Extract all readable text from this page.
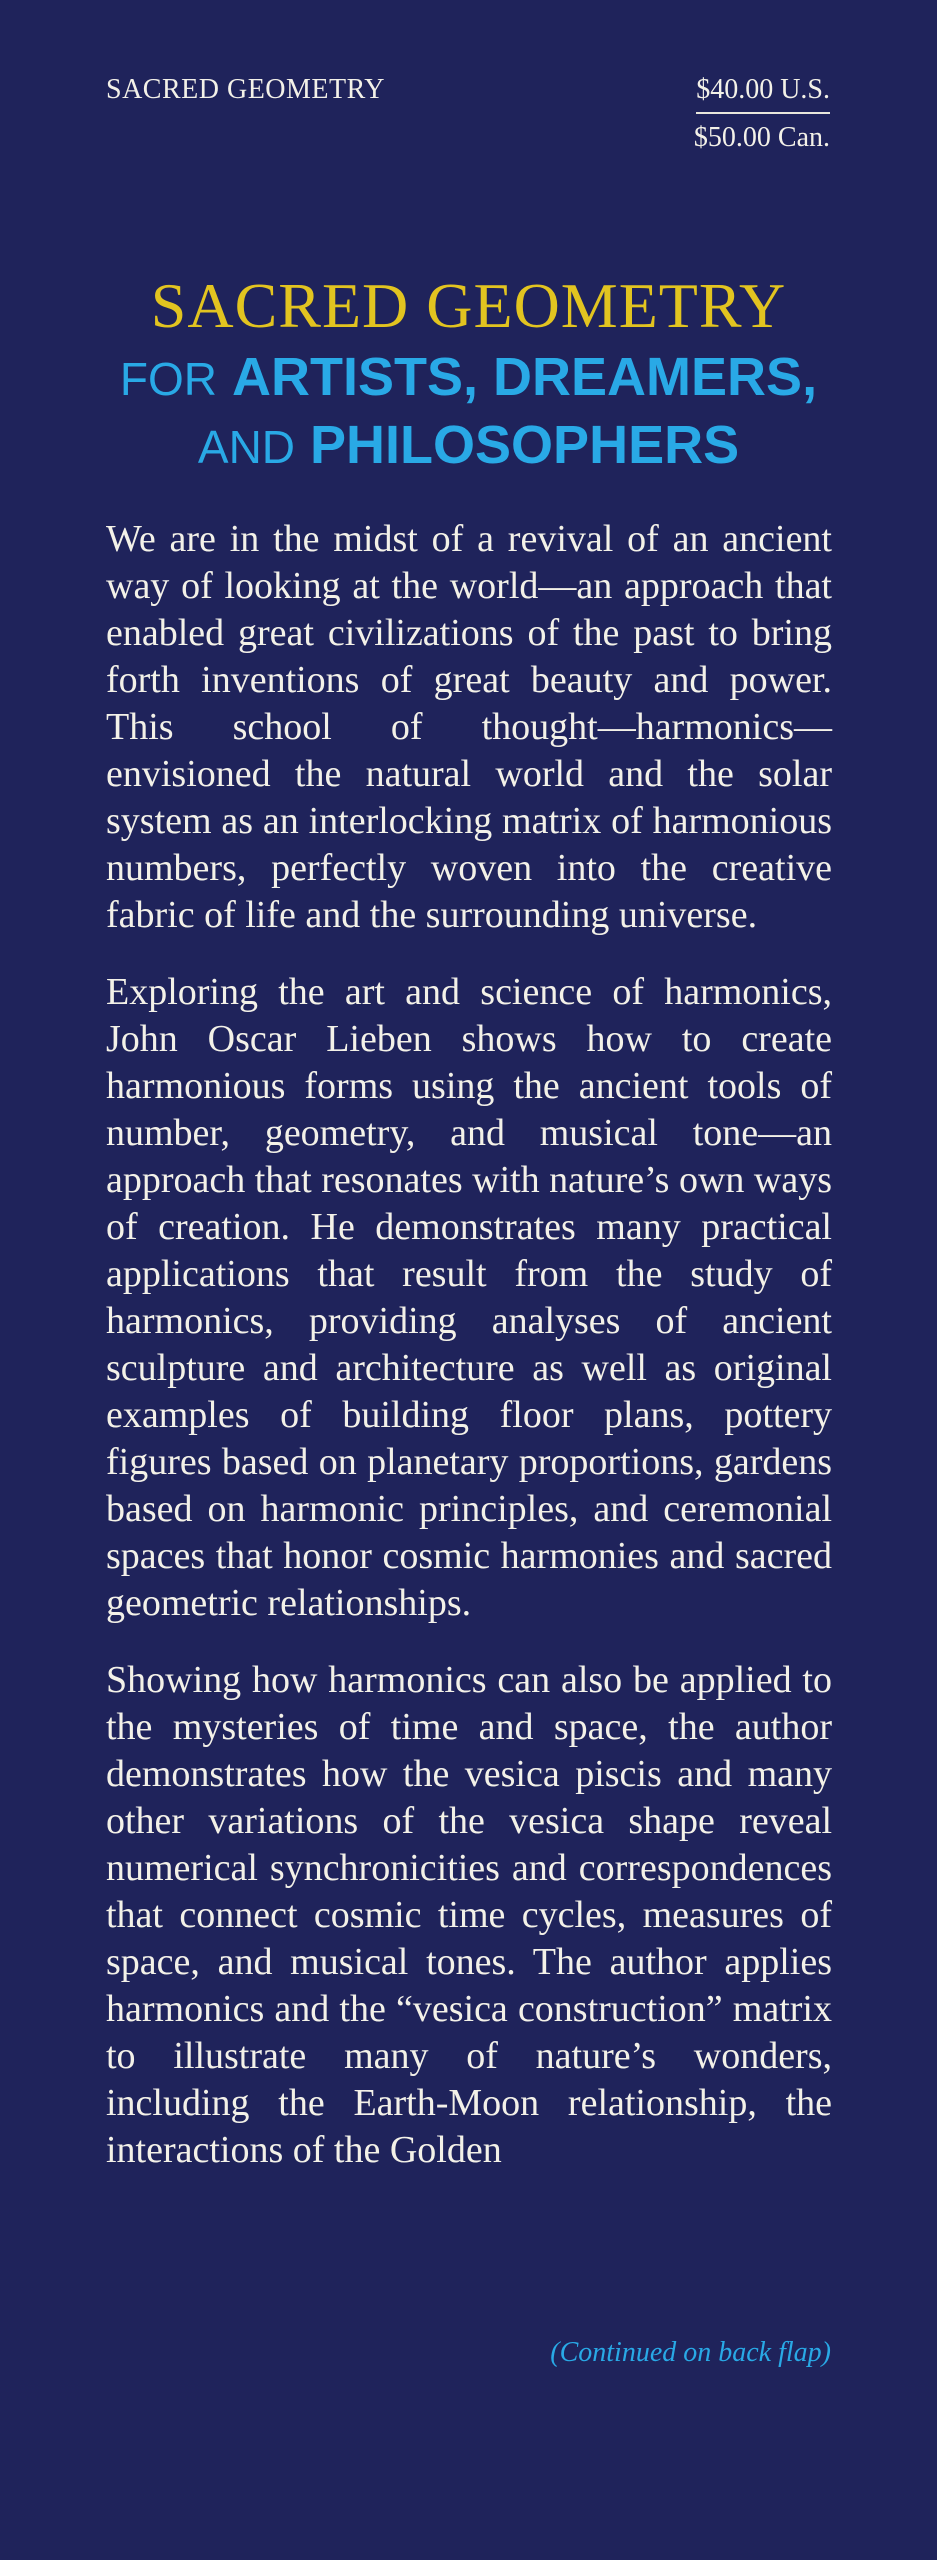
SACRED GEOMETRY	$40.00 U.S.
$50.00 Can.
SACRED GEOMETRY
FOR ARTISTS, DREAMERS,
AND PHILOSOPHERS

We are in the midst of a revival of an ancient way of looking at the world—an approach that enabled great civilizations of the past to bring forth inventions of great beauty and power. This school of thought—harmonics—envisioned the natural world and the solar system as an interlocking matrix of harmonious numbers, perfectly woven into the creative fabric of life and the surrounding universe.

Exploring the art and science of harmonics, John Oscar Lieben shows how to create harmonious forms using the ancient tools of number, geometry, and musical tone—an approach that resonates with nature’s own ways of creation. He demonstrates many practical applications that result from the study of harmonics, providing analyses of ancient sculpture and architecture as well as original examples of building floor plans, pottery figures based on planetary proportions, gardens based on harmonic principles, and ceremonial spaces that honor cosmic harmonies and sacred geometric relationships.

Showing how harmonics can also be applied to the mysteries of time and space, the author demonstrates how the vesica piscis and many other variations of the vesica shape reveal numerical synchronicities and correspondences that connect cosmic time cycles, measures of space, and musical tones. The author applies harmonics and the “vesica construction” matrix to illustrate many of nature’s wonders, including the Earth-Moon relationship, the interactions of the Golden

(Continued on back flap)
